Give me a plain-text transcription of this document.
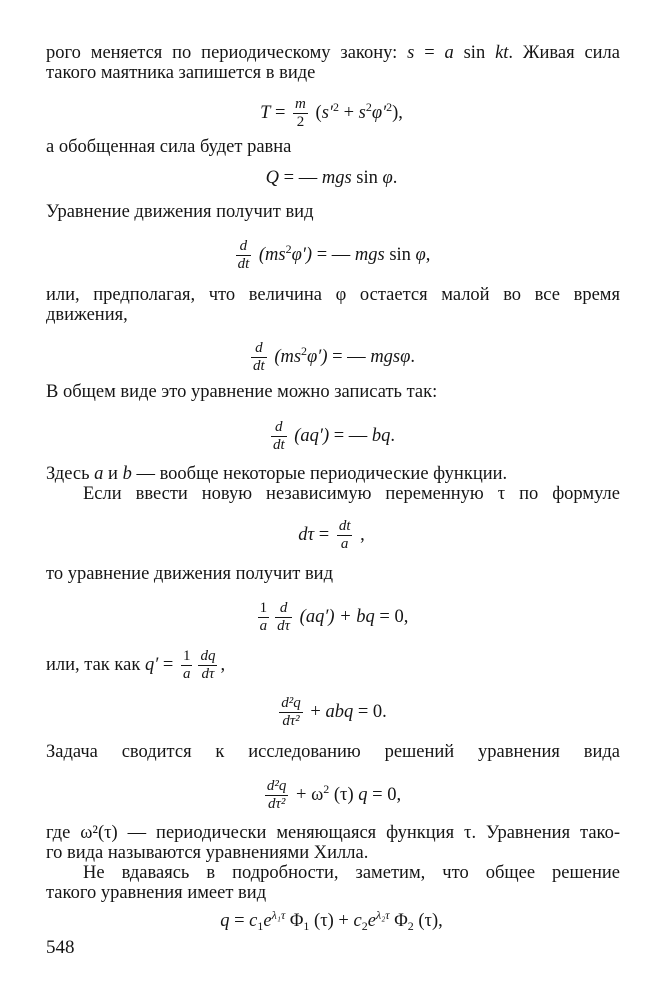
рого меняется по периодическому закону: s = a sin kt. Живая сила
такого маятника запишется в виде
$T = \frac{m}{2} (s'^2 + s^2\varphi'^2)$,
а обобщенная сила будет равна
Q = — mgs sin φ.
Уравнение движения получит вид
$\frac{d}{dt} (ms^2\varphi')$ = — mgs sin φ,
или, предполагая, что величина φ остается малой во все время
движения,
$\frac{d}{dt} (ms^2\varphi')$ = — mgsφ.
В общем виде это уравнение можно записать так:
$\frac{d}{dt} (aq')$ = — bq.
Здесь a и b — вообще некоторые периодические функции.
Если ввести новую независимую переменную τ по формуле
$d\tau = \frac{dt}{a}$ ,
то уравнение движения получит вид
$\frac{1}{a} \frac{d}{d\tau} (aq')$ + bq = 0,
или, так как $q' = \frac{1}{a} \frac{dq}{d\tau}$ ,
$\frac{\text{d²q}}{\text{dτ²}}$ + abq = 0.
Задача сводится к исследованию решений уравнения вида
$\frac{\text{d²q}}{\text{dτ²}} + \omega^2$ (τ) q = 0,
где ω²(τ) — периодически меняющаяся функция τ. Уравнения тако-
го вида называются уравнениями Хилла.
Не вдаваясь в подробности, заметим, что общее решение
такого уравнения имеет вид
$q = c_1e^{\lambda_1\tau}$ $\Phi_1$ $(\tau) + c_2e^{\lambda_2\tau}$ $\Phi_2$ (τ),
548
